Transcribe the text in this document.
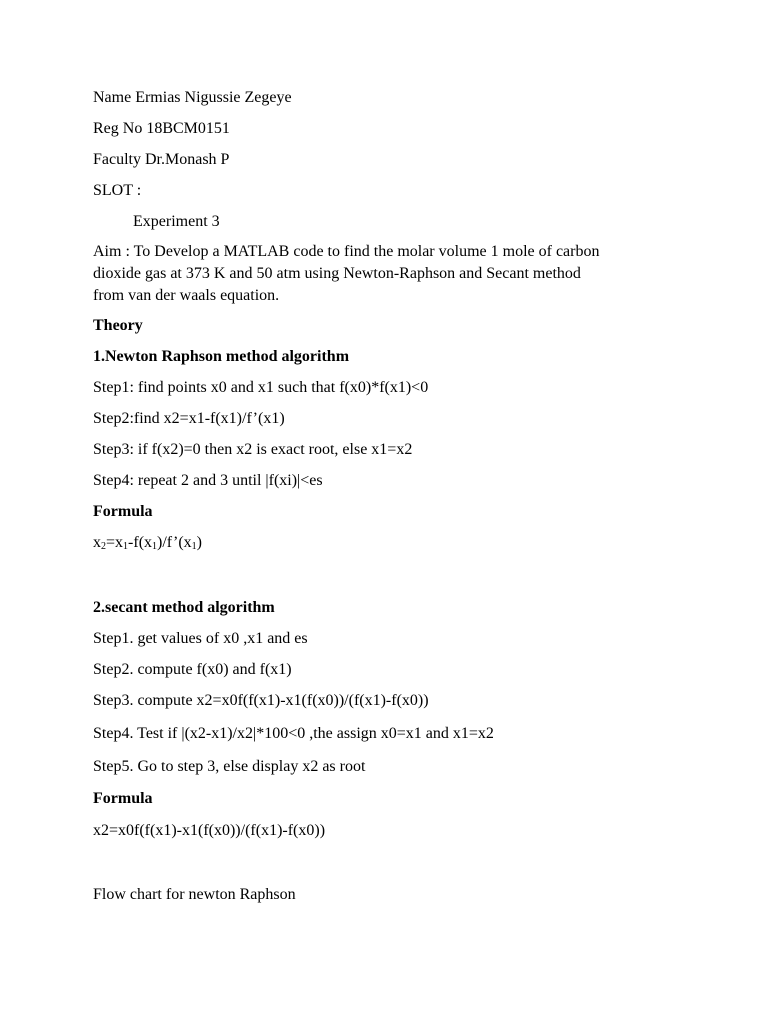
Name Ermias Nigussie Zegeye
Reg No 18BCM0151
Faculty Dr.Monash P
SLOT :
Experiment 3
Aim : To Develop a MATLAB code to find the molar volume 1 mole of carbon
dioxide gas at 373 K and 50 atm using Newton-Raphson and Secant method
from van der waals equation.
Theory
1.Newton Raphson method algorithm
Step1: find points x0 and x1 such that f(x0)*f(x1)<0
Step2:find x2=x1-f(x1)/f’(x1)
Step3: if f(x2)=0 then x2 is exact root, else x1=x2
Step4: repeat 2 and 3 until |f(xi)|<es
Formula
$x_2=x_1-f(x_1)/f’(x_1)$
2.secant method algorithm
Step1. get values of x0 ,x1 and es
Step2. compute f(x0) and f(x1)
Step3. compute x2=x0f(f(x1)-x1(f(x0))/(f(x1)-f(x0))
Step4. Test if |(x2-x1)/x2|*100<0 ,the assign x0=x1 and x1=x2
Step5. Go to step 3, else display x2 as root
Formula
x2=x0f(f(x1)-x1(f(x0))/(f(x1)-f(x0))
Flow chart for newton Raphson
